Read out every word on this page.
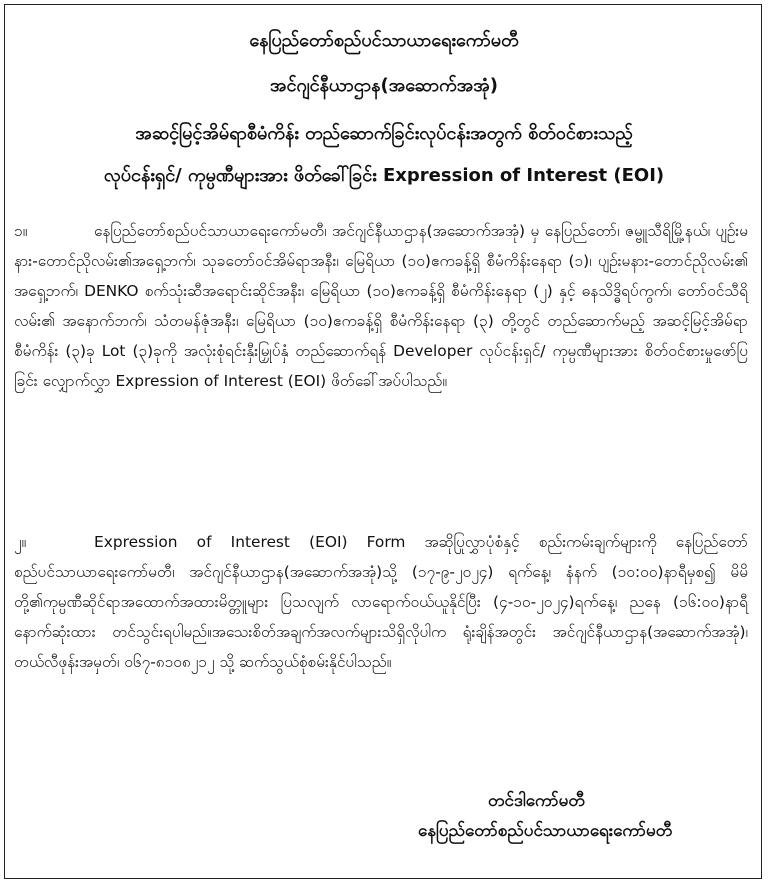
နေပြည်တော်စည်ပင်သာယာရေးကော်မတီ
အင်ဂျင်နီယာဌာန(အဆောက်အအုံ)
အဆင့်မြင့်အိမ်ရာစီမံကိန်း တည်ဆောက်ခြင်းလုပ်ငန်းအတွက် စိတ်ဝင်စားသည့်
လုပ်ငန်းရှင်/ ကုမ္ပဏီများအား ဖိတ်ခေါ်ခြင်း Expression of Interest (EOI)
၁။	နေပြည်တော်စည်ပင်သာယာရေးကော်မတီ၊ အင်ဂျင်နီယာဌာန(အဆောက်အအုံ) မှ နေပြည်တော်၊ ဇမ္ဗူသီရိမြို့နယ်၊ ပျဉ်းမနား-တောင်ညိုလမ်း၏အရှေ့ဘက်၊ သုခတော်ဝင်အိမ်ရာအနီး၊ မြေရိယာ (၁၀)ဧကခန့်ရှိ စီမံကိန်းနေရာ (၁)၊ ပျဉ်းမနား-တောင်ညိုလမ်း၏ အရှေ့ဘက်၊ DENKO စက်သုံးဆီအရောင်းဆိုင်အနီး၊ မြေရိယာ (၁၀)ဧကခန့်ရှိ စီမံကိန်းနေရာ (၂) နှင့် ဓနသိဒ္ဓိရပ်ကွက်၊ တော်ဝင်သီရိလမ်း၏ အနောက်ဘက်၊ သံတမန်ဇုံအနီး၊ မြေရိယာ (၁၀)ဧကခန့်ရှိ စီမံကိန်းနေရာ (၃) တို့တွင် တည်ဆောက်မည့် အဆင့်မြင့်အိမ်ရာစီမံကိန်း (၃)ခု Lot (၃)ခုကို အလုံးစုံရင်းနှီးမြှုပ်နှံ တည်ဆောက်ရန် Developer လုပ်ငန်းရှင်/ ကုမ္ပဏီများအား စိတ်ဝင်စားမှုဖော်ပြခြင်း လျှောက်လွှာ Expression of Interest (EOI) ဖိတ်ခေါ်အပ်ပါသည်။
၂။	Expression of Interest (EOI) Form အဆိုပြုလွှာပုံစံနှင့် စည်းကမ်းချက်များကို နေပြည်တော်စည်ပင်သာယာရေးကော်မတီ၊ အင်ဂျင်နီယာဌာန(အဆောက်အအုံ)သို့ (၁၇-၉-၂၀၂၄) ရက်နေ့၊ နံနက် (၁၀:၀၀)နာရီမှစ၍ မိမိတို့၏ကုမ္ပဏီဆိုင်ရာအထောက်အထားမိတ္တူများ ပြသလျက် လာရောက်ဝယ်ယူနိုင်ပြီး (၄-၁၀-၂၀၂၄)ရက်နေ့၊ ညနေ (၁၆:၀၀)နာရီ နောက်ဆုံးထား တင်သွင်းရပါမည်။အသေးစိတ်အချက်အလက်များသိရှိလိုပါက ရုံးချိန်အတွင်း အင်ဂျင်နီယာဌာန(အဆောက်အအုံ)၊ တယ်လီဖုန်းအမှတ်၊ ၀၆၇-၈၁၀၈၂၁၂ သို့ ဆက်သွယ်စုံစမ်းနိုင်ပါသည်။
တင်ဒါကော်မတီ
နေပြည်တော်စည်ပင်သာယာရေးကော်မတီ
